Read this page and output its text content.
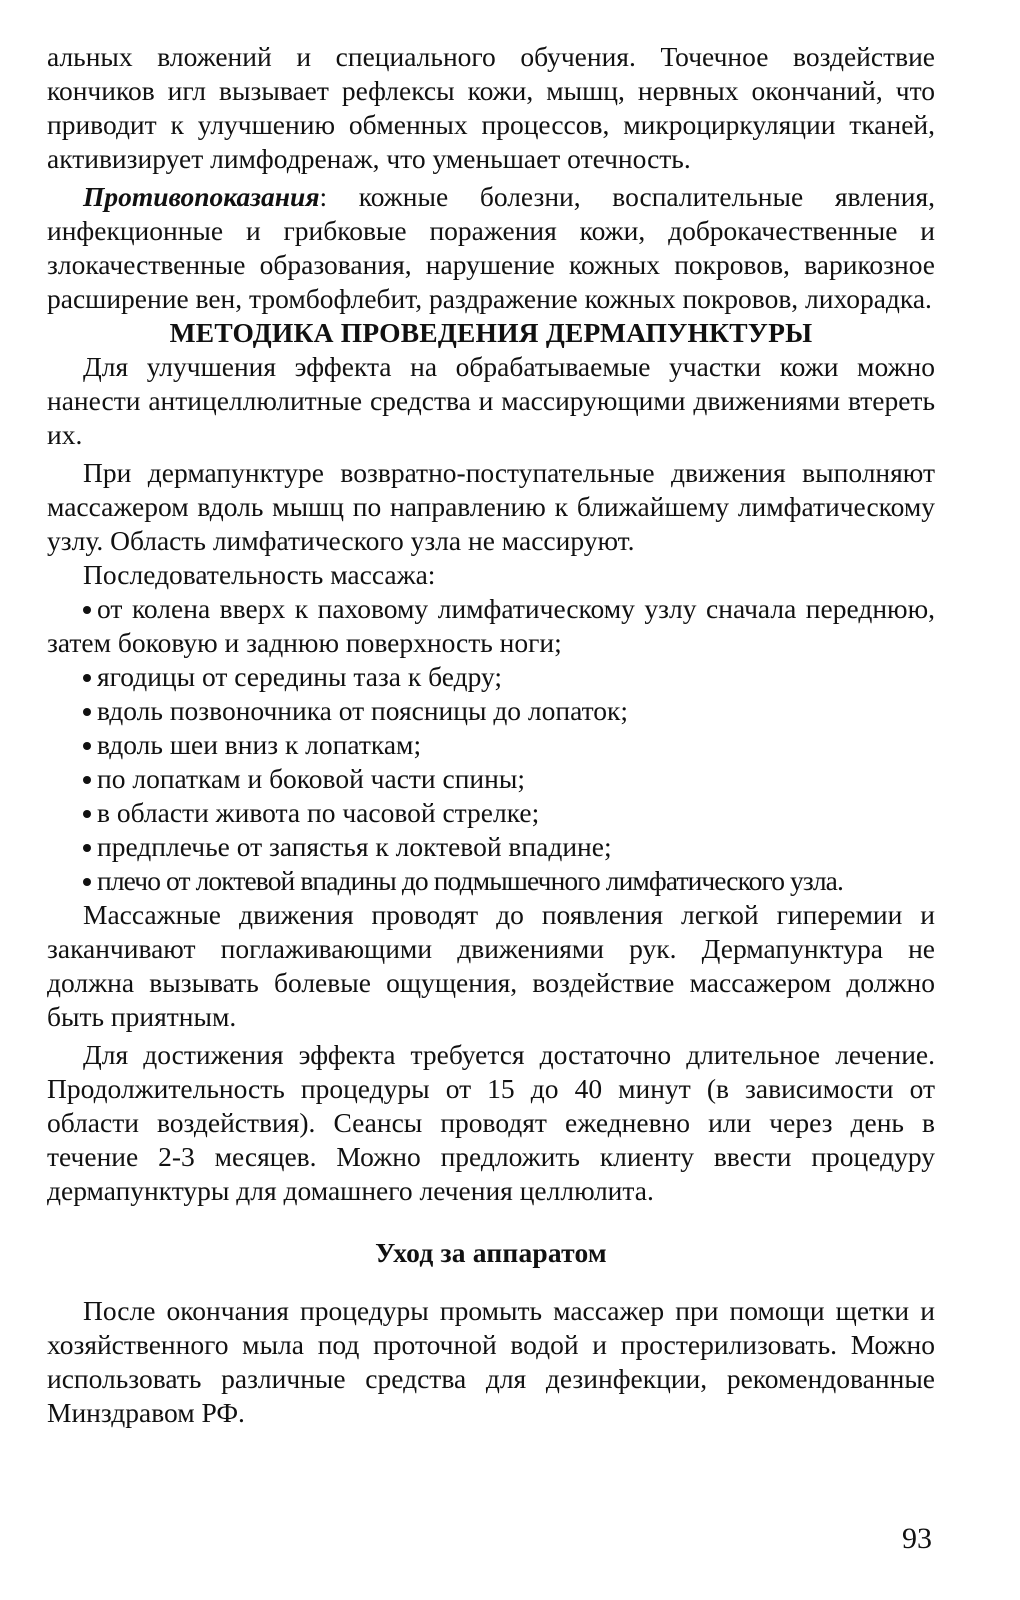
альных вложений и специального обучения. Точечное воздействие кончиков игл вызывает рефлексы кожи, мышц, нервных окончаний, что приводит к улучшению обменных процессов, микроциркуляции тканей, активизирует лимфодренаж, что уменьшает отечность.

Противопоказания: кожные болезни, воспалительные явления, инфекционные и грибковые поражения кожи, доброкачественные и злокачественные образования, нарушение кожных покровов, варикозное расширение вен, тромбофлебит, раздражение кожных покровов, лихорадка.

МЕТОДИКА ПРОВЕДЕНИЯ ДЕРМАПУНКТУРЫ

Для улучшения эффекта на обрабатываемые участки кожи можно нанести антицеллюлитные средства и массирующими движениями втереть их.

При дермапунктуре возвратно-поступательные движения выполняют массажером вдоль мышц по направлению к ближайшему лимфатическому узлу. Область лимфатического узла не массируют.

Последовательность массажа:

от колена вверх к паховому лимфатическому узлу сначала переднюю, затем боковую и заднюю поверхность ноги;
ягодицы от середины таза к бедру;
вдоль позвоночника от поясницы до лопаток;
вдоль шеи вниз к лопаткам;
по лопаткам и боковой части спины;
в области живота по часовой стрелке;
предплечье от запястья к локтевой впадине;
плечо от локтевой впадины до подмышечного лимфатического узла.

Массажные движения проводят до появления легкой гиперемии и заканчивают поглаживающими движениями рук. Дермапунктура не должна вызывать болевые ощущения, воздействие массажером должно быть приятным.

Для достижения эффекта требуется достаточно длительное лечение. Продолжительность процедуры от 15 до 40 минут (в зависимости от области воздействия). Сеансы проводят ежедневно или через день в течение 2-3 месяцев. Можно предложить клиенту ввести процедуру дермапунктуры для домашнего лечения целлюлита.

Уход за аппаратом

После окончания процедуры промыть массажер при помощи щетки и хозяйственного мыла под проточной водой и простерилизовать. Можно использовать различные средства для дезинфекции, рекомендованные Минздравом РФ.

93
